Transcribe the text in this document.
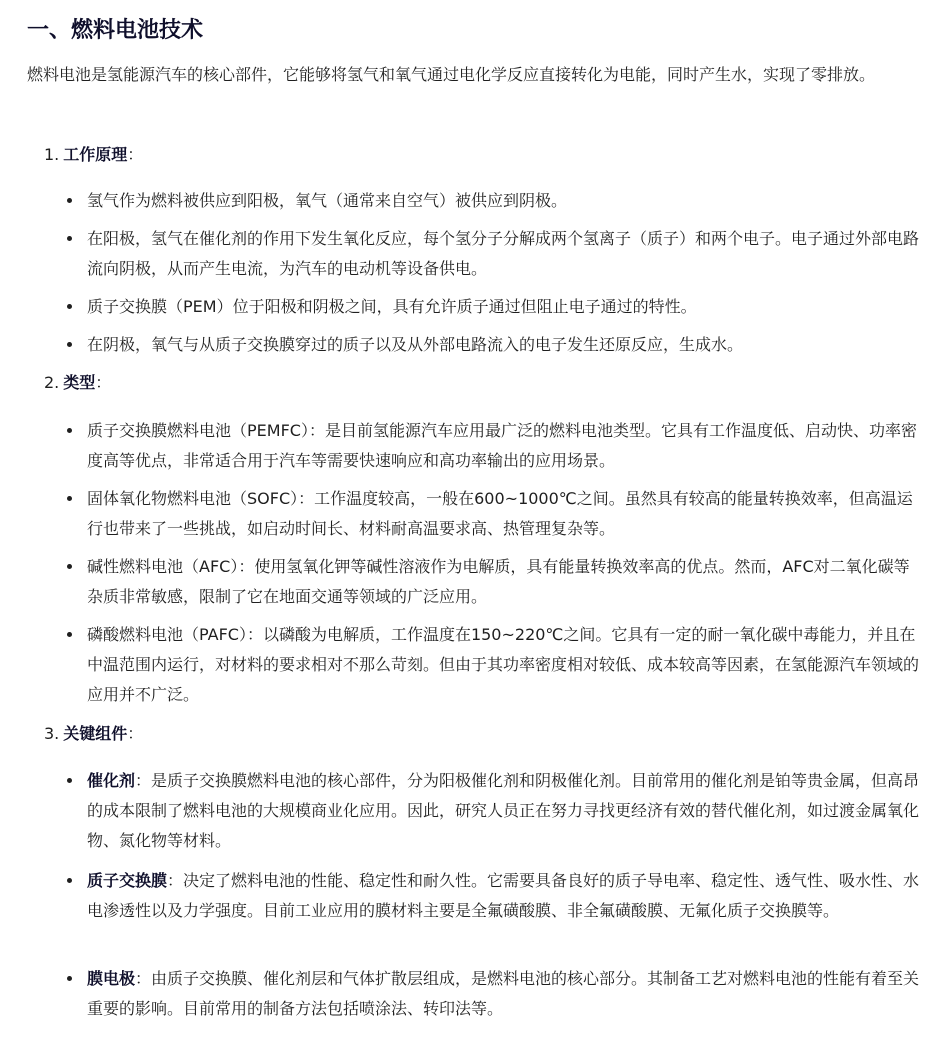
一、燃料电池技术

燃料电池是氢能源汽车的核心部件，它能够将氢气和氧气通过电化学反应直接转化为电能，同时产生水，实现了零排放。

1. 工作原理：
氢气作为燃料被供应到阳极，氧气（通常来自空气）被供应到阴极。
在阳极，氢气在催化剂的作用下发生氧化反应，每个氢分子分解成两个氢离子（质子）和两个电子。电子通过外部电路流向阴极，从而产生电流，为汽车的电动机等设备供电。
质子交换膜（PEM）位于阳极和阴极之间，具有允许质子通过但阻止电子通过的特性。
在阴极，氧气与从质子交换膜穿过的质子以及从外部电路流入的电子发生还原反应，生成水。
2. 类型：
质子交换膜燃料电池（PEMFC）：是目前氢能源汽车应用最广泛的燃料电池类型。它具有工作温度低、启动快、功率密度高等优点，非常适合用于汽车等需要快速响应和高功率输出的应用场景。
固体氧化物燃料电池（SOFC）：工作温度较高，一般在600~1000℃之间。虽然具有较高的能量转换效率，但高温运行也带来了一些挑战，如启动时间长、材料耐高温要求高、热管理复杂等。
碱性燃料电池（AFC）：使用氢氧化钾等碱性溶液作为电解质，具有能量转换效率高的优点。然而，AFC对二氧化碳等杂质非常敏感，限制了它在地面交通等领域的广泛应用。
磷酸燃料电池（PAFC）：以磷酸为电解质，工作温度在150~220℃之间。它具有一定的耐一氧化碳中毒能力，并且在中温范围内运行，对材料的要求相对不那么苛刻。但由于其功率密度相对较低、成本较高等因素，在氢能源汽车领域的应用并不广泛。
3. 关键组件：
催化剂：是质子交换膜燃料电池的核心部件，分为阳极催化剂和阴极催化剂。目前常用的催化剂是铂等贵金属，但高昂的成本限制了燃料电池的大规模商业化应用。因此，研究人员正在努力寻找更经济有效的替代催化剂，如过渡金属氧化物、氮化物等材料。
质子交换膜：决定了燃料电池的性能、稳定性和耐久性。它需要具备良好的质子导电率、稳定性、透气性、吸水性、水电渗透性以及力学强度。目前工业应用的膜材料主要是全氟磺酸膜、非全氟磺酸膜、无氟化质子交换膜等。
膜电极：由质子交换膜、催化剂层和气体扩散层组成，是燃料电池的核心部分。其制备工艺对燃料电池的性能有着至关重要的影响。目前常用的制备方法包括喷涂法、转印法等。
